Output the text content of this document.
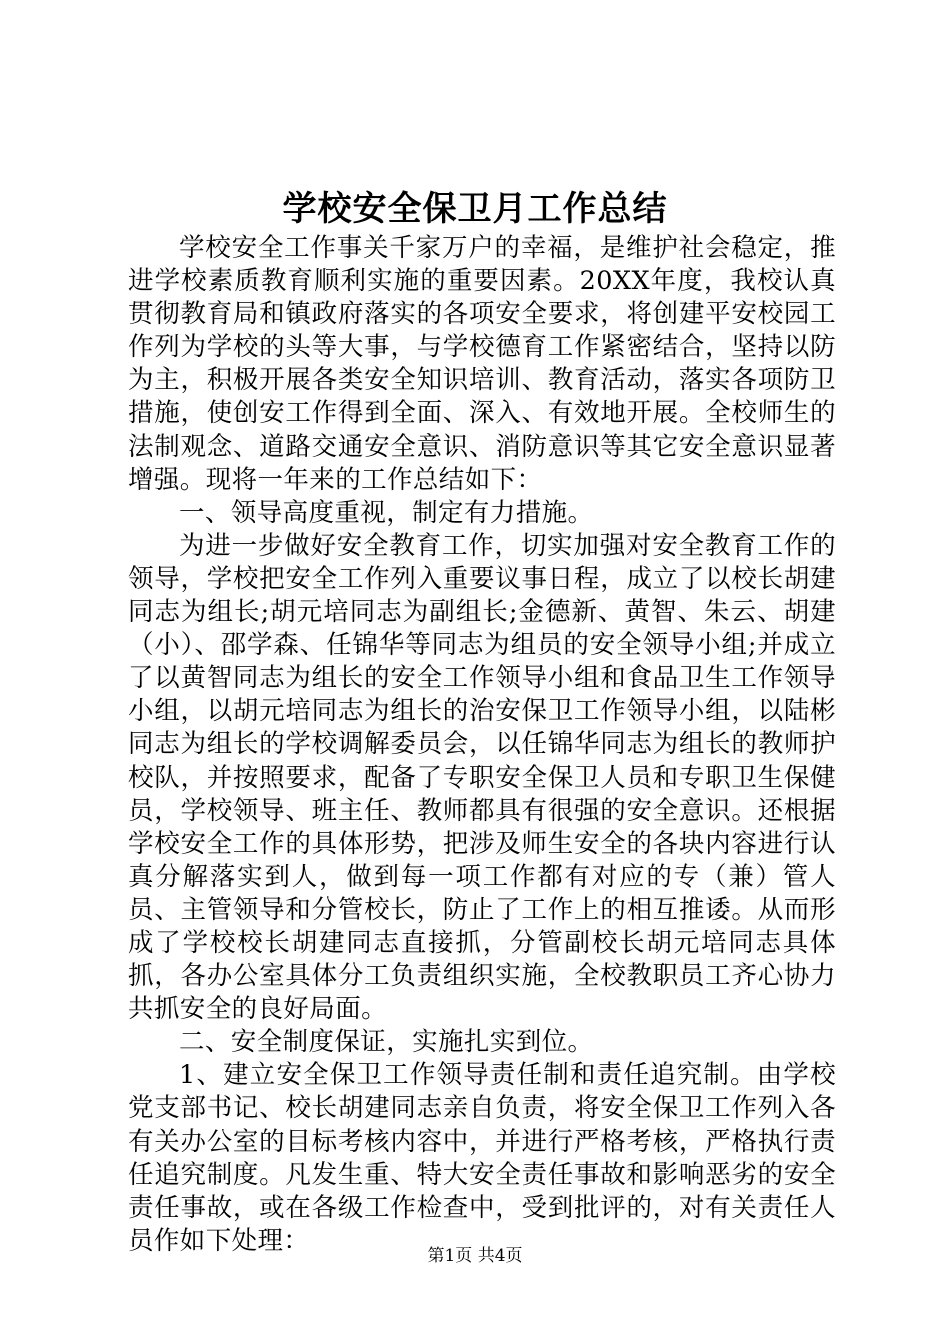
学校安全保卫月工作总结

学校安全工作事关千家万户的幸福，是维护社会稳定，推进学校素质教育顺利实施的重要因素。20XX年度，我校认真贯彻教育局和镇政府落实的各项安全要求，将创建平安校园工作列为学校的头等大事，与学校德育工作紧密结合，坚持以防为主，积极开展各类安全知识培训、教育活动，落实各项防卫措施，使创安工作得到全面、深入、有效地开展。全校师生的法制观念、道路交通安全意识、消防意识等其它安全意识显著增强。现将一年来的工作总结如下：

一、领导高度重视，制定有力措施。

为进一步做好安全教育工作，切实加强对安全教育工作的领导，学校把安全工作列入重要议事日程，成立了以校长胡建同志为组长;胡元培同志为副组长;金德新、黄智、朱云、胡建（小）、邵学森、任锦华等同志为组员的安全领导小组;并成立了以黄智同志为组长的安全工作领导小组和食品卫生工作领导小组，以胡元培同志为组长的治安保卫工作领导小组，以陆彬同志为组长的学校调解委员会，以任锦华同志为组长的教师护校队，并按照要求，配备了专职安全保卫人员和专职卫生保健员，学校领导、班主任、教师都具有很强的安全意识。还根据学校安全工作的具体形势，把涉及师生安全的各块内容进行认真分解落实到人，做到每一项工作都有对应的专（兼）管人员、主管领导和分管校长，防止了工作上的相互推诿。从而形成了学校校长胡建同志直接抓，分管副校长胡元培同志具体抓，各办公室具体分工负责组织实施，全校教职员工齐心协力共抓安全的良好局面。

二、安全制度保证，实施扎实到位。

1、建立安全保卫工作领导责任制和责任追究制。由学校党支部书记、校长胡建同志亲自负责，将安全保卫工作列入各有关办公室的目标考核内容中，并进行严格考核，严格执行责任追究制度。凡发生重、特大安全责任事故和影响恶劣的安全责任事故，或在各级工作检查中，受到批评的，对有关责任人员作如下处理：

第1页 共4页
